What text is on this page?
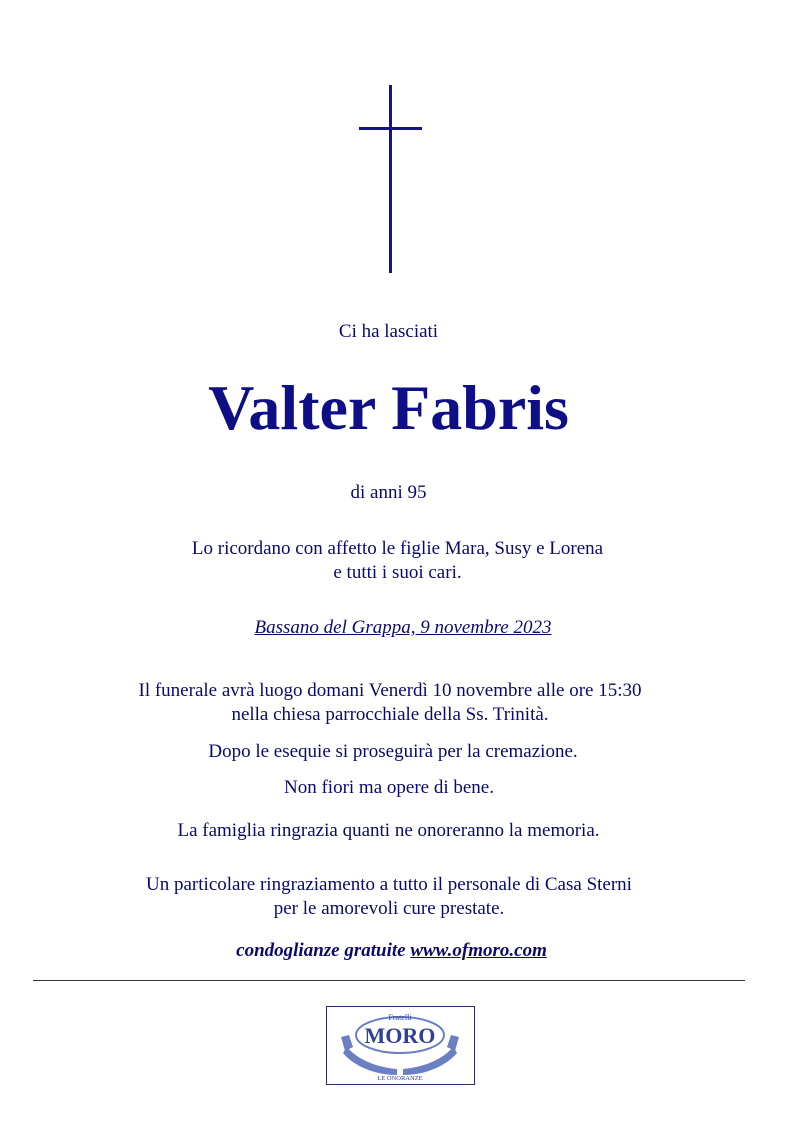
Ci ha lasciati
Valter Fabris
di anni 95
Lo ricordano con affetto le figlie Mara, Susy e Lorena
e tutti i suoi cari.
Bassano del Grappa, 9 novembre 2023
Il funerale avrà luogo domani Venerdì 10 novembre alle ore 15:30
nella chiesa parrocchiale della Ss. Trinità.
Dopo le esequie si proseguirà per la cremazione.
Non fiori ma opere di bene.
La famiglia ringrazia quanti ne onoreranno la memoria.
Un particolare ringraziamento a tutto il personale di Casa Sterni
per le amorevoli cure prestate.
condoglianze gratuite www.ofmoro.com
Fratelli
MORO
LE ONORANZE
